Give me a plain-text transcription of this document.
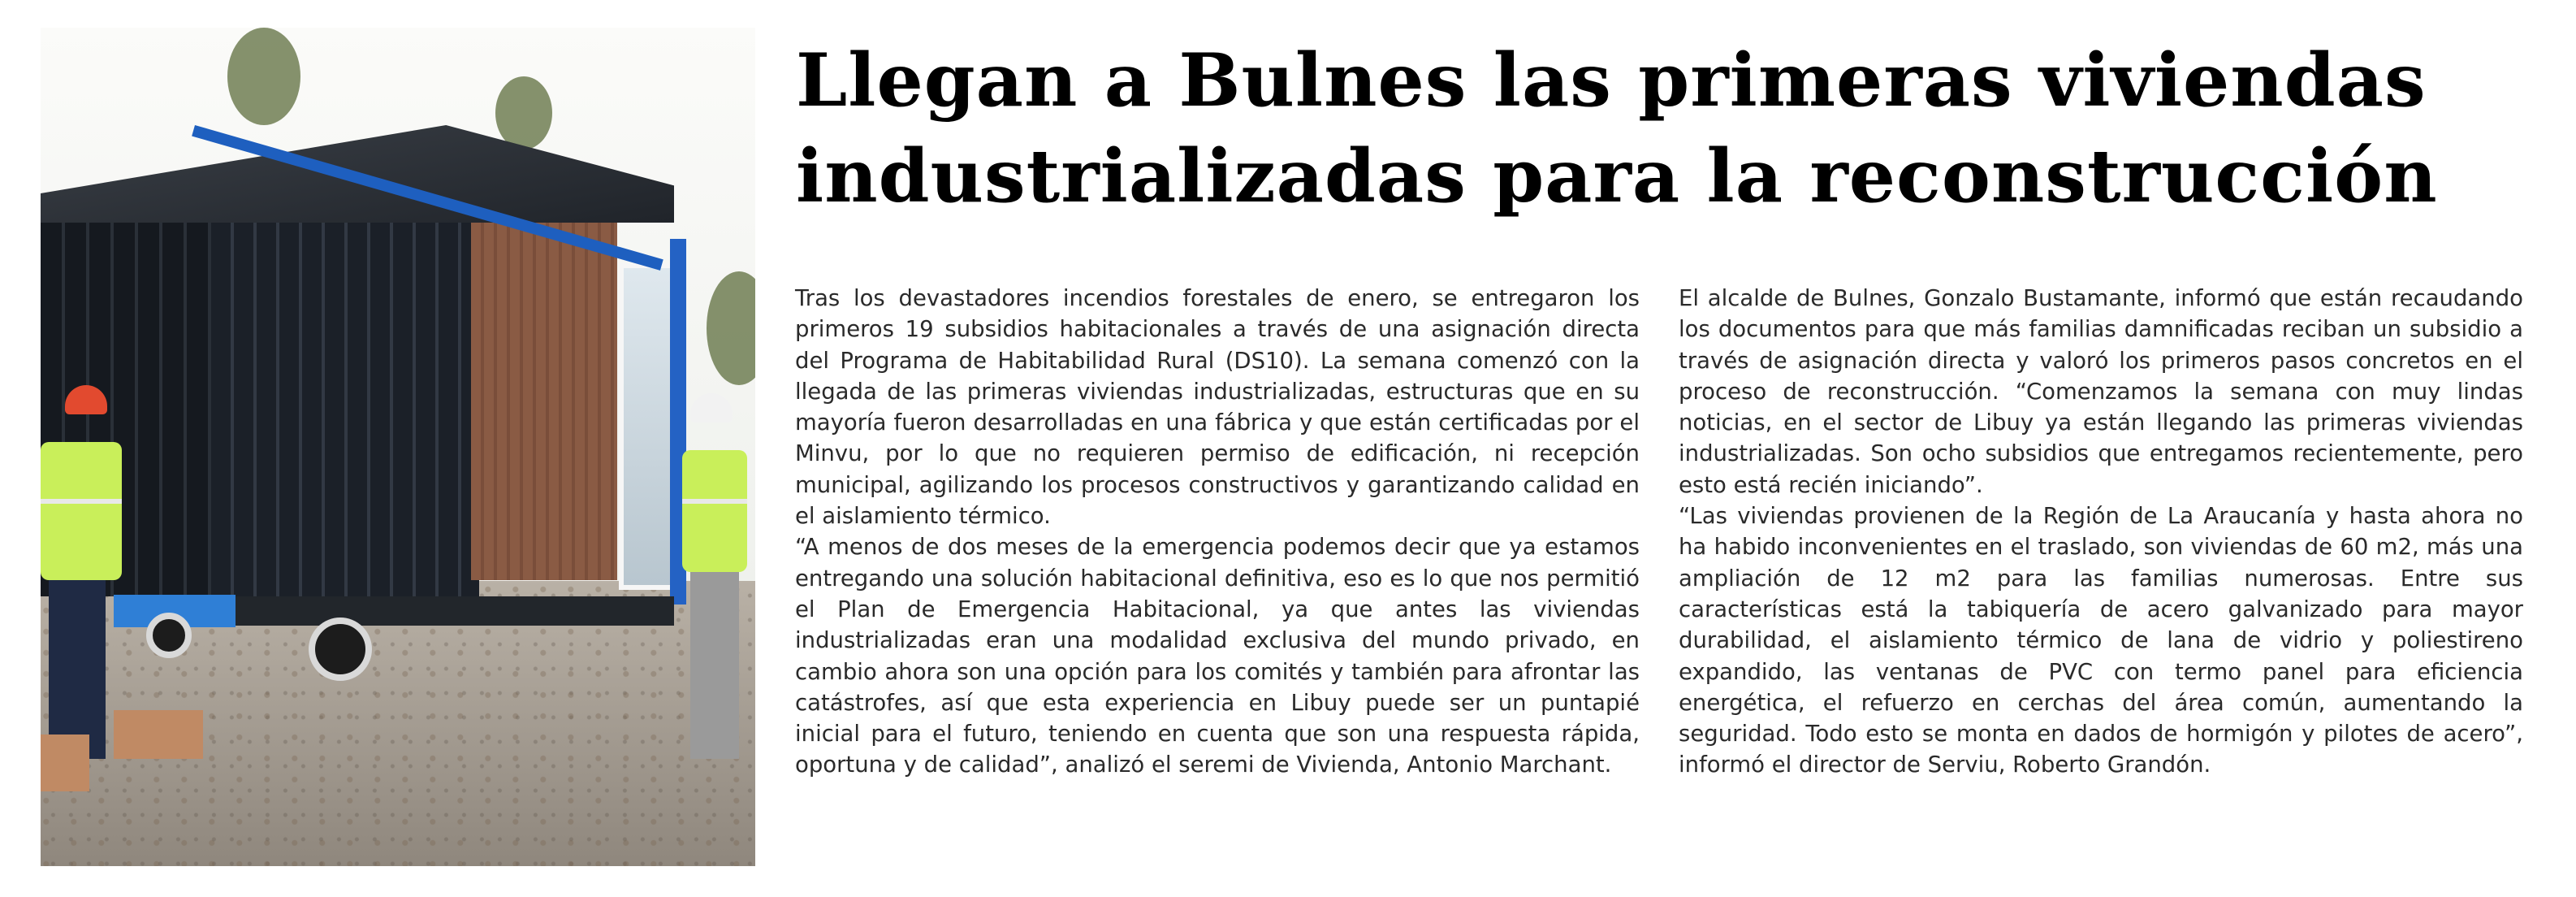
Llegan a Bulnes las primeras viviendas
industrializadas para la reconstrucción

Tras los devastadores incendios forestales de enero, se entregaron los primeros 19 subsidios habitacionales a través de una asignación directa del Programa de Habitabilidad Rural (DS10). La semana comenzó con la llegada de las primeras viviendas industrializadas, estructuras que en su mayoría fueron desarrolladas en una fábrica y que están certificadas por el Minvu, por lo que no requieren permiso de edificación, ni recepción municipal, agilizando los procesos constructivos y garantizando calidad en el aislamiento térmico.

“A menos de dos meses de la emergencia podemos decir que ya estamos entregando una solución habitacional definitiva, eso es lo que nos permitió el Plan de Emergencia Habitacional, ya que antes las viviendas industrializadas eran una modalidad exclusiva del mundo privado, en cambio ahora son una opción para los comités y también para afrontar las catástrofes, así que esta experiencia en Libuy puede ser un puntapié inicial para el futuro, teniendo en cuenta que son una respuesta rápida, oportuna y de calidad”, analizó el seremi de Vivienda, Antonio Marchant.

El alcalde de Bulnes, Gonzalo Bustamante, informó que están recaudando los documentos para que más familias damnificadas reciban un subsidio a través de asignación directa y valoró los primeros pasos concretos en el proceso de reconstrucción. “Comenzamos la semana con muy lindas noticias, en el sector de Libuy ya están llegando las primeras viviendas industrializadas. Son ocho subsidios que entregamos recientemente, pero esto está recién iniciando”.

“Las viviendas provienen de la Región de La Araucanía y hasta ahora no ha habido inconvenientes en el traslado, son viviendas de 60 m2, más una ampliación de 12 m2 para las familias numerosas. Entre sus características está la tabiquería de acero galvanizado para mayor durabilidad, el aislamiento térmico de lana de vidrio y poliestireno expandido, las ventanas de PVC con termo panel para eficiencia energética, el refuerzo en cerchas del área común, aumentando la seguridad. Todo esto se monta en dados de hormigón y pilotes de acero”, informó el director de Serviu, Roberto Grandón.
